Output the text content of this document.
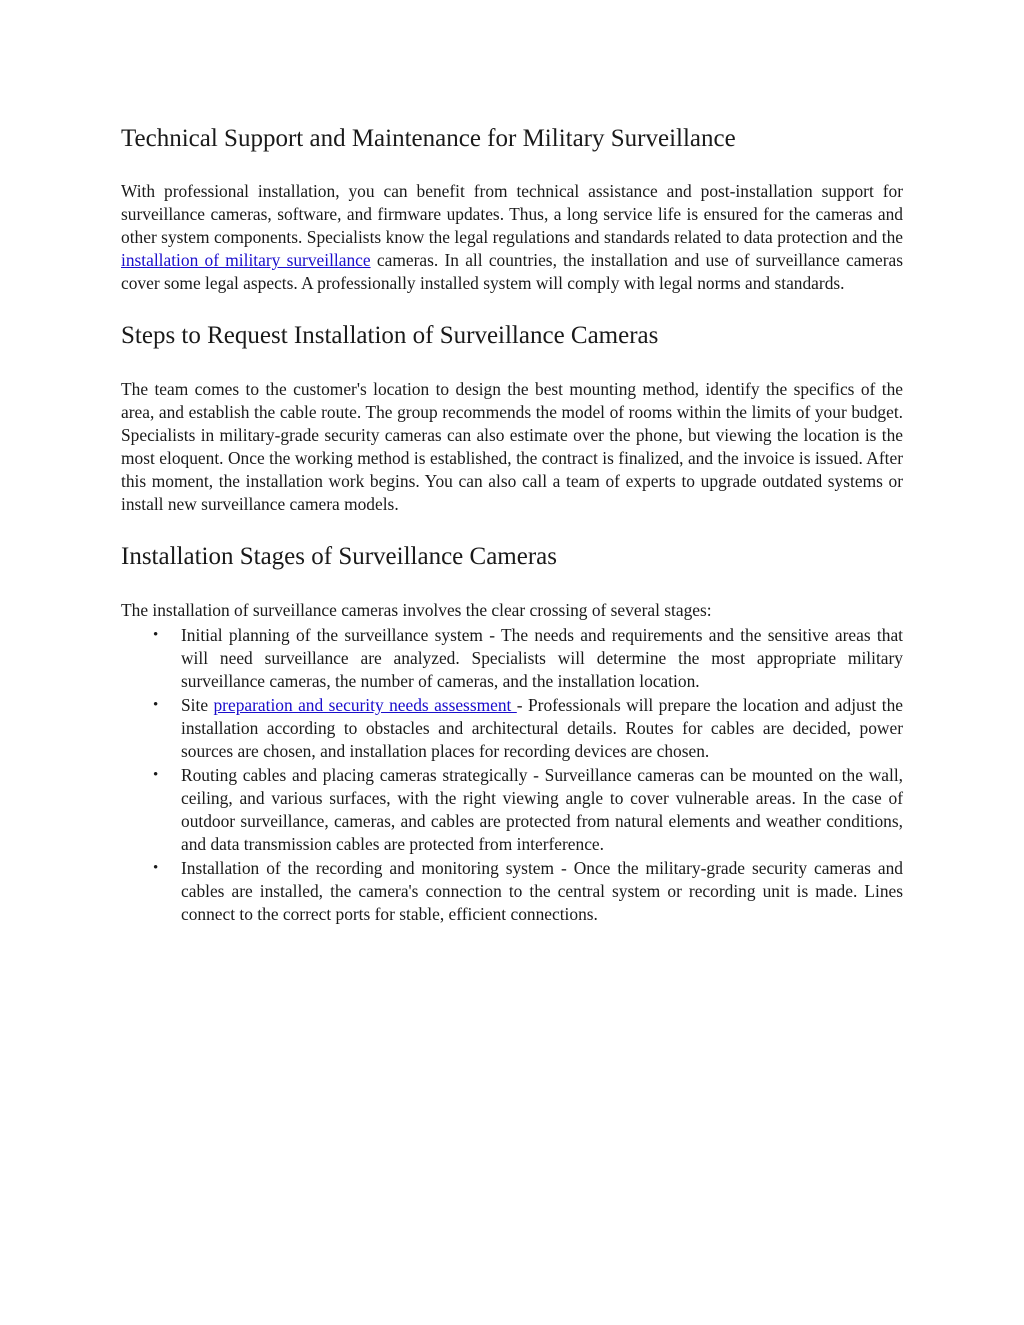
Technical Support and Maintenance for Military Surveillance

With professional installation, you can benefit from technical assistance and post-installation support for surveillance cameras, software, and firmware updates. Thus, a long service life is ensured for the cameras and other system components. Specialists know the legal regulations and standards related to data protection and the installation of military surveillance cameras. In all countries, the installation and use of surveillance cameras cover some legal aspects. A professionally installed system will comply with legal norms and standards.

Steps to Request Installation of Surveillance Cameras

The team comes to the customer's location to design the best mounting method, identify the specifics of the area, and establish the cable route. The group recommends the model of rooms within the limits of your budget. Specialists in military-grade security cameras can also estimate over the phone, but viewing the location is the most eloquent. Once the working method is established, the contract is finalized, and the invoice is issued. After this moment, the installation work begins. You can also call a team of experts to upgrade outdated systems or install new surveillance camera models.

Installation Stages of Surveillance Cameras

The installation of surveillance cameras involves the clear crossing of several stages:

• Initial planning of the surveillance system - The needs and requirements and the sensitive areas that will need surveillance are analyzed. Specialists will determine the most appropriate military surveillance cameras, the number of cameras, and the installation location.
• Site preparation and security needs assessment - Professionals will prepare the location and adjust the installation according to obstacles and architectural details. Routes for cables are decided, power sources are chosen, and installation places for recording devices are chosen.
• Routing cables and placing cameras strategically - Surveillance cameras can be mounted on the wall, ceiling, and various surfaces, with the right viewing angle to cover vulnerable areas. In the case of outdoor surveillance, cameras, and cables are protected from natural elements and weather conditions, and data transmission cables are protected from interference.
• Installation of the recording and monitoring system - Once the military-grade security cameras and cables are installed, the camera's connection to the central system or recording unit is made. Lines connect to the correct ports for stable, efficient connections.
